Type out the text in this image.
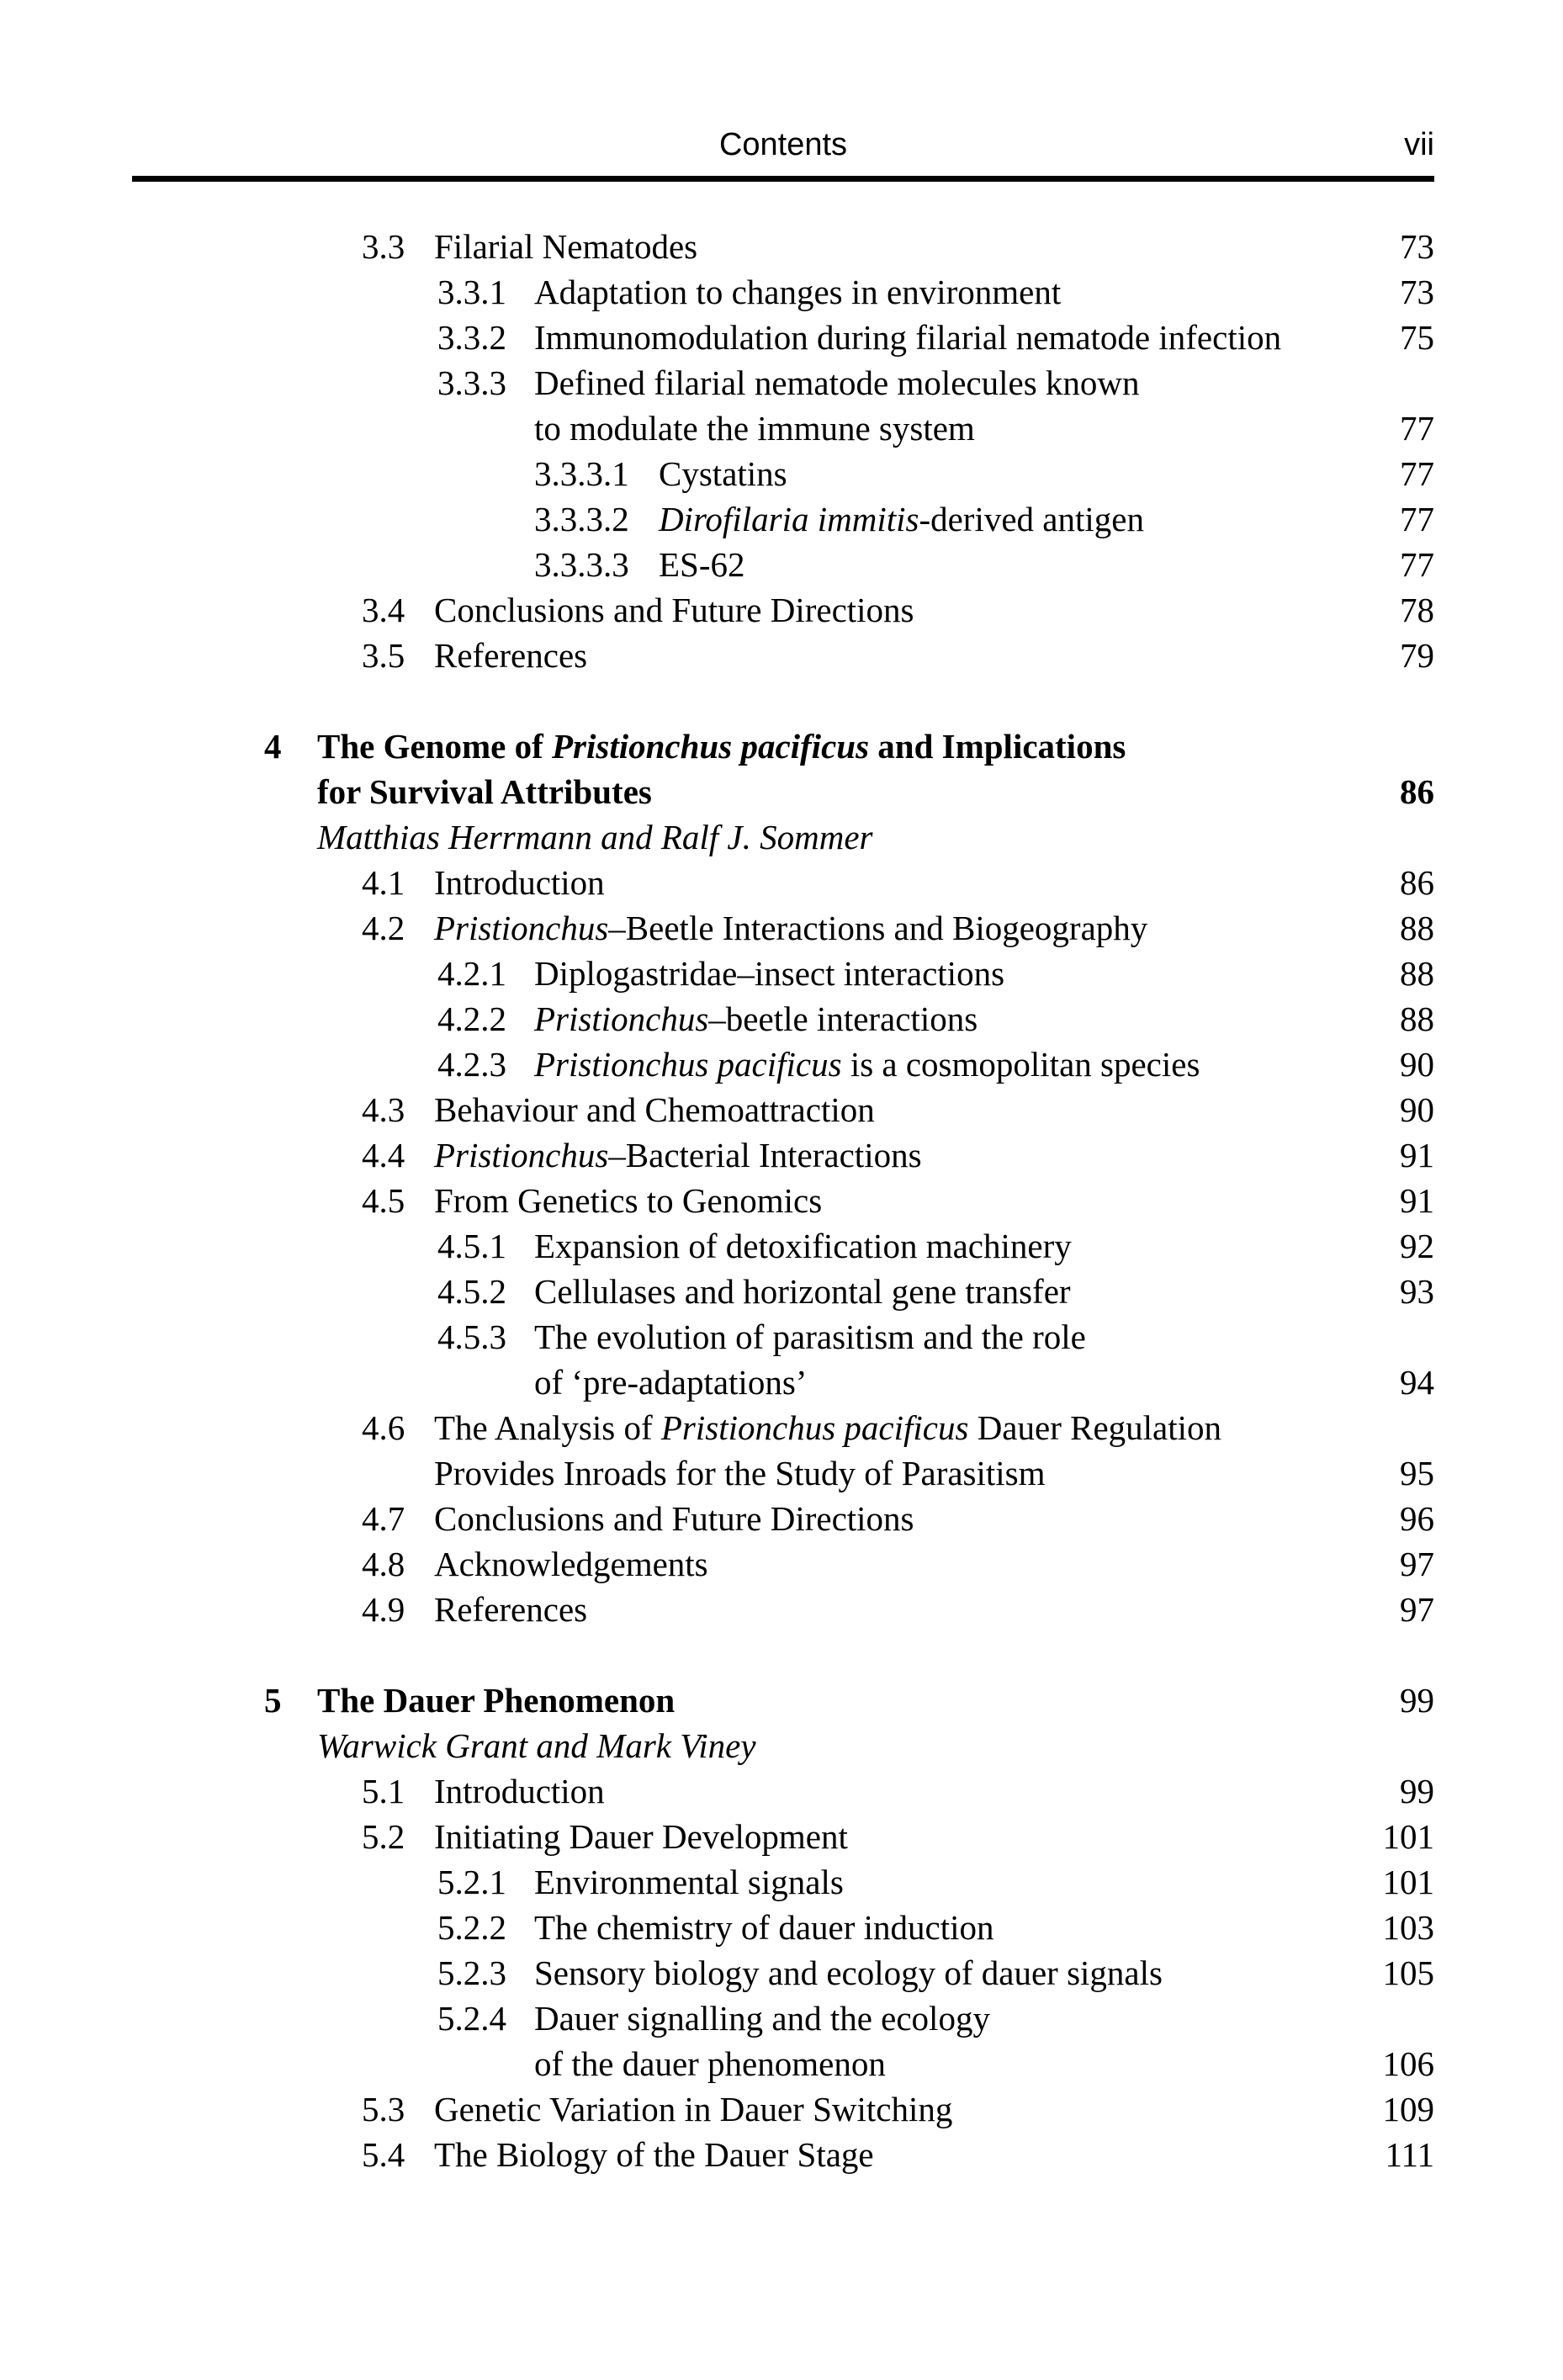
Contents	vii
3.3 Filarial Nematodes	73
3.3.1 Adaptation to changes in environment	73
3.3.2 Immunomodulation during filarial nematode infection	75
3.3.3 Defined filarial nematode molecules known
to modulate the immune system	77
3.3.3.1 Cystatins	77
3.3.3.2 Dirofilaria immitis-derived antigen	77
3.3.3.3 ES-62	77
3.4 Conclusions and Future Directions	78
3.5 References	79
4	The Genome of Pristionchus pacificus and Implications
for Survival Attributes	86
Matthias Herrmann and Ralf J. Sommer
4.1 Introduction	86
4.2 Pristionchus–Beetle Interactions and Biogeography	88
4.2.1 Diplogastridae–insect interactions	88
4.2.2 Pristionchus–beetle interactions	88
4.2.3 Pristionchus pacificus is a cosmopolitan species	90
4.3 Behaviour and Chemoattraction	90
4.4 Pristionchus–Bacterial Interactions	91
4.5 From Genetics to Genomics	91
4.5.1 Expansion of detoxification machinery	92
4.5.2 Cellulases and horizontal gene transfer	93
4.5.3 The evolution of parasitism and the role
of ‘pre-adaptations’	94
4.6 The Analysis of Pristionchus pacificus Dauer Regulation
Provides Inroads for the Study of Parasitism	95
4.7 Conclusions and Future Directions	96
4.8 Acknowledgements	97
4.9 References	97
5	The Dauer Phenomenon	99
Warwick Grant and Mark Viney
5.1 Introduction	99
5.2 Initiating Dauer Development	101
5.2.1 Environmental signals	101
5.2.2 The chemistry of dauer induction	103
5.2.3 Sensory biology and ecology of dauer signals	105
5.2.4 Dauer signalling and the ecology
of the dauer phenomenon	106
5.3 Genetic Variation in Dauer Switching	109
5.4 The Biology of the Dauer Stage	111
